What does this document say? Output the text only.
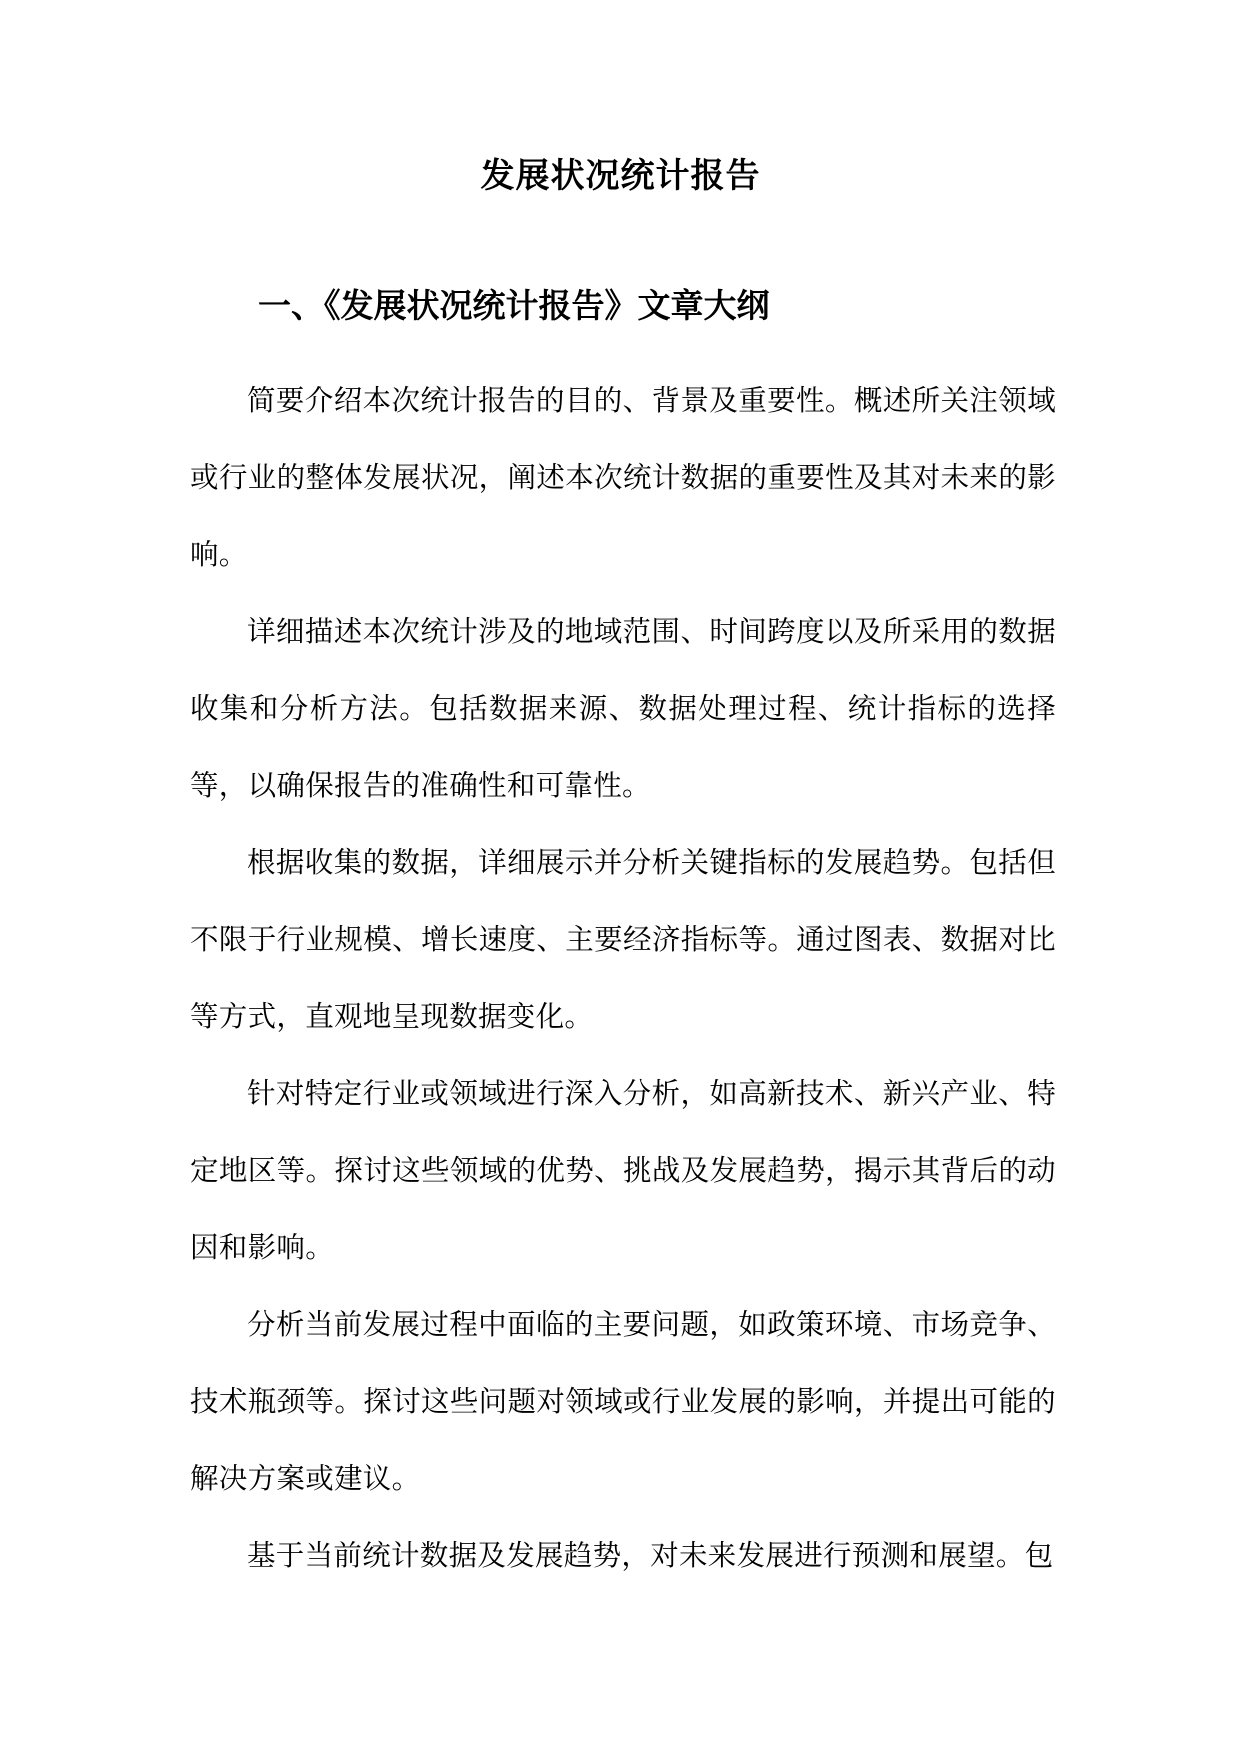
发展状况统计报告
一、《发展状况统计报告》文章大纲

简要介绍本次统计报告的目的、背景及重要性。概述所关注领域或行业的整体发展状况，阐述本次统计数据的重要性及其对未来的影响。

详细描述本次统计涉及的地域范围、时间跨度以及所采用的数据收集和分析方法。包括数据来源、数据处理过程、统计指标的选择等，以确保报告的准确性和可靠性。

根据收集的数据，详细展示并分析关键指标的发展趋势。包括但不限于行业规模、增长速度、主要经济指标等。通过图表、数据对比等方式，直观地呈现数据变化。

针对特定行业或领域进行深入分析，如高新技术、新兴产业、特定地区等。探讨这些领域的优势、挑战及发展趋势，揭示其背后的动因和影响。

分析当前发展过程中面临的主要问题，如政策环境、市场竞争、技术瓶颈等。探讨这些问题对领域或行业发展的影响，并提出可能的解决方案或建议。

基于当前统计数据及发展趋势，对未来发展进行预测和展望。包
